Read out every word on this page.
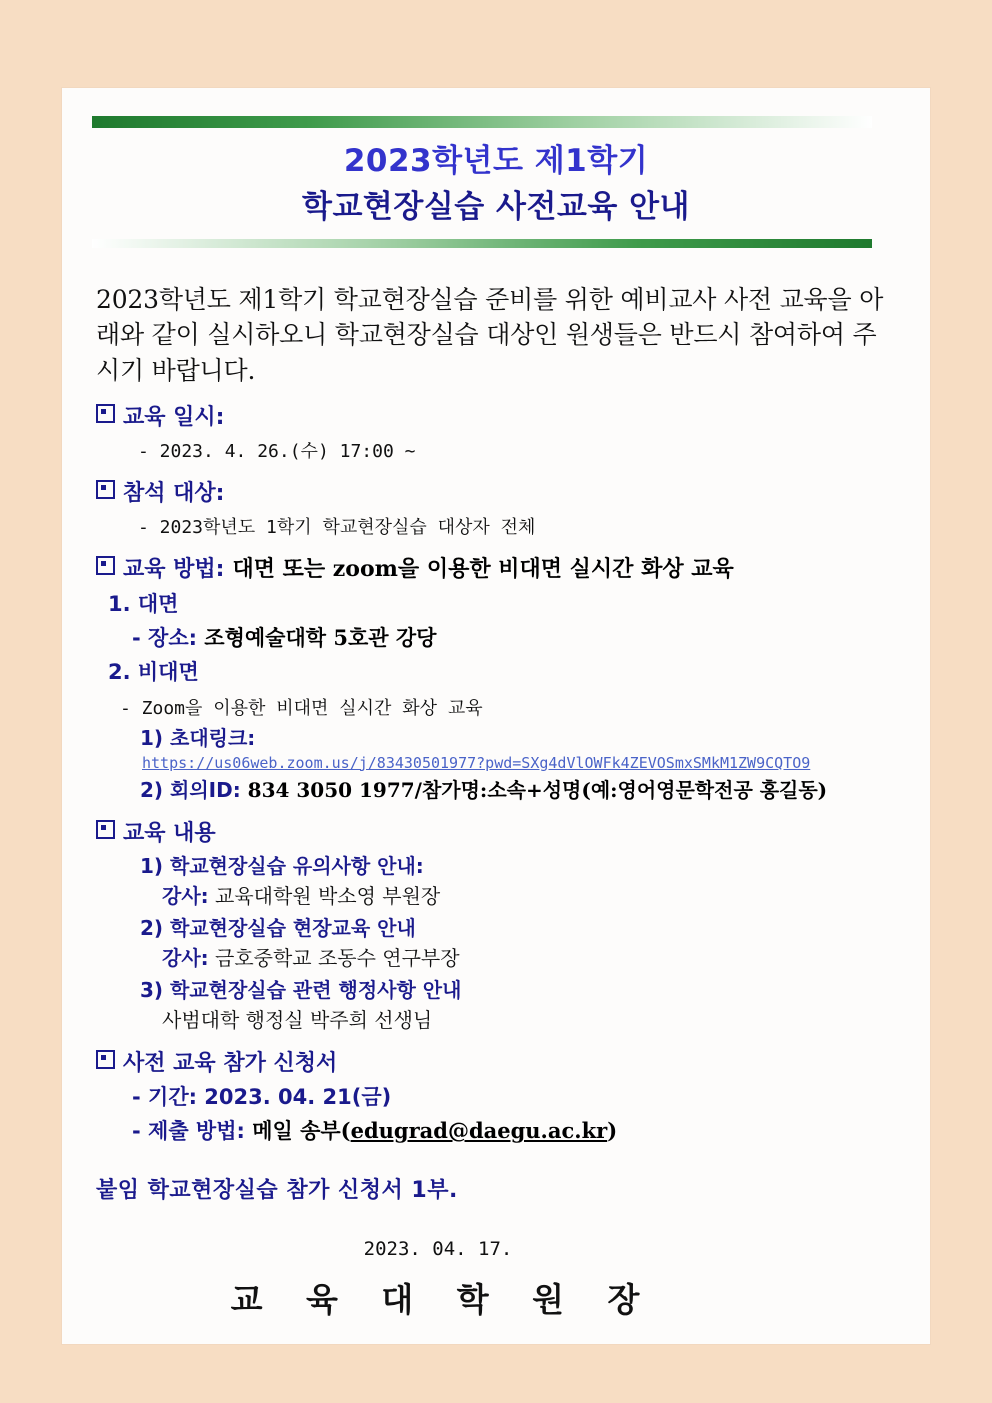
2023학년도 제1학기
학교현장실습 사전교육 안내
2023학년도 제1학기 학교현장실습 준비를 위한 예비교사 사전 교육을 아래와 같이 실시하오니 학교현장실습 대상인 원생들은 반드시 참여하여 주시기 바랍니다.
교육 일시:
- 2023. 4. 26.(수) 17:00 ~
참석 대상:
- 2023학년도 1학기 학교현장실습 대상자 전체
교육 방법: 대면 또는 zoom을 이용한 비대면 실시간 화상 교육
1. 대면
- 장소: 조형예술대학 5호관 강당
2. 비대면
- Zoom을 이용한 비대면 실시간 화상 교육
1) 초대링크:
https://us06web.zoom.us/j/83430501977?pwd=SXg4dVlOWFk4ZEVOSmxSMkM1ZW9CQTO9
2) 회의ID: 834 3050 1977/참가명:소속+성명(예:영어영문학전공 홍길동)
교육 내용
1) 학교현장실습 유의사항 안내:
강사: 교육대학원 박소영 부원장
2) 학교현장실습 현장교육 안내
강사: 금호중학교 조동수 연구부장
3) 학교현장실습 관련 행정사항 안내
사범대학 행정실 박주희 선생님
사전 교육 참가 신청서
- 기간: 2023. 04. 21(금)
- 제출 방법: 메일 송부(edugrad@daegu.ac.kr)
붙임 학교현장실습 참가 신청서 1부.
2023. 04. 17.
교 육 대 학 원 장
